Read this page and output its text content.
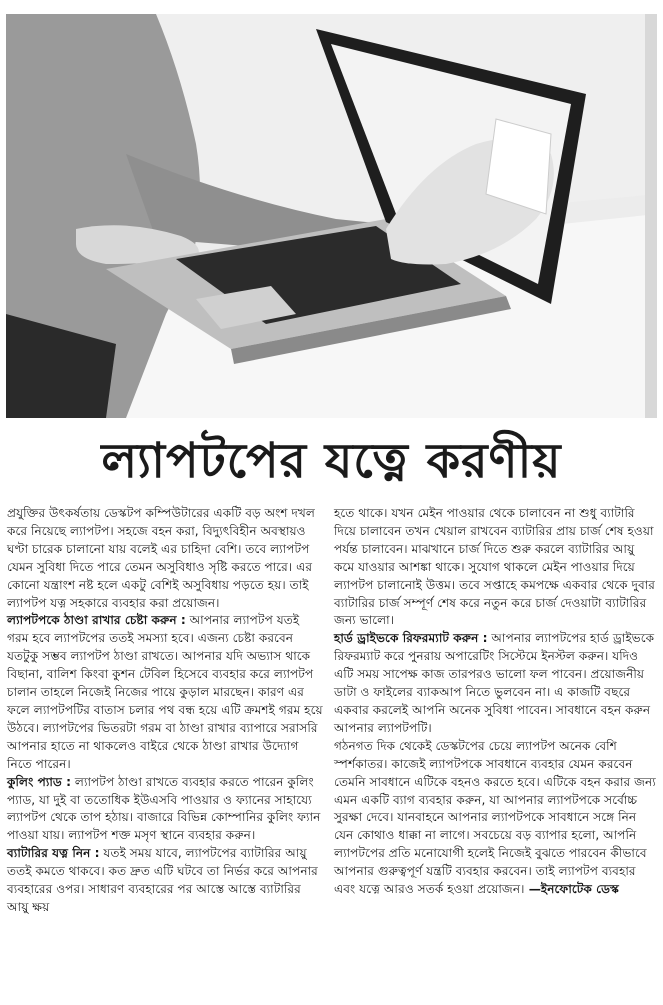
ল্যাপটপের যত্নে করণীয়

প্রযুক্তির উৎকর্ষতায় ডেস্কটপ কম্পিউটারের একটি বড় অংশ দখল করে নিয়েছে ল্যাপটপ। সহজে বহন করা, বিদ্যুৎবিহীন অবস্থায়ও ঘণ্টা চারেক চালানো যায় বলেই এর চাহিদা বেশি। তবে ল্যাপটপ যেমন সুবিধা দিতে পারে তেমন অসুবিধাও সৃষ্টি করতে পারে। এর কোনো যন্ত্রাংশ নষ্ট হলে একটু বেশিই অসুবিধায় পড়তে হয়। তাই ল্যাপটপ যত্ন সহকারে ব্যবহার করা প্রয়োজন।

ল্যাপটপকে ঠাণ্ডা রাখার চেষ্টা করুন : আপনার ল্যাপটপ যতই গরম হবে ল্যাপটপের ততই সমস্যা হবে। এজন্য চেষ্টা করবেন যতটুকু সম্ভব ল্যাপটপ ঠাণ্ডা রাখতে। আপনার যদি অভ্যাস থাকে বিছানা, বালিশ কিংবা কুশন টেবিল হিসেবে ব্যবহার করে ল্যাপটপ চালান তাহলে নিজেই নিজের পায়ে কুড়াল মারছেন। কারণ এর ফলে ল্যাপটপটির বাতাস চলার পথ বন্ধ হয়ে এটি ক্রমশই গরম হয়ে উঠবে। ল্যাপটপের ভিতরটা গরম বা ঠাণ্ডা রাখার ব্যাপারে সরাসরি আপনার হাতে না থাকলেও বাইরে থেকে ঠাণ্ডা রাখার উদ্যোগ নিতে পারেন।

কুলিং প্যাড : ল্যাপটপ ঠাণ্ডা রাখতে ব্যবহার করতে পারেন কুলিং প্যাড, যা দুই বা ততোধিক ইউএসবি পাওয়ার ও ফ্যানের সাহায্যে ল্যাপটপ থেকে তাপ হঠায়। বাজারে বিভিন্ন কোম্পানির কুলিং ফ্যান পাওয়া যায়। ল্যাপটপ শক্ত মসৃণ স্থানে ব্যবহার করুন।

ব্যাটারির যত্ন নিন : যতই সময় যাবে, ল্যাপটপের ব্যাটারির আয়ু ততই কমতে থাকবে। কত দ্রুত এটি ঘটবে তা নির্ভর করে আপনার ব্যবহারের ওপর। সাধারণ ব্যবহারের পর আস্তে আস্তে ব্যাটারির আয়ু ক্ষয়

হতে থাকে। যখন মেইন পাওয়ার থেকে চালাবেন না শুধু ব্যাটারি দিয়ে চালাবেন তখন খেয়াল রাখবেন ব্যাটারির প্রায় চার্জ শেষ হওয়া পর্যন্ত চালাবেন। মাঝখানে চার্জ দিতে শুরু করলে ব্যাটারির আয়ু কমে যাওয়ার আশঙ্কা থাকে। সুযোগ থাকলে মেইন পাওয়ার দিয়ে ল্যাপটপ চালানোই উত্তম। তবে সপ্তাহে কমপক্ষে একবার থেকে দুবার ব্যাটারির চার্জ সম্পূর্ণ শেষ করে নতুন করে চার্জ দেওয়াটা ব্যাটারির জন্য ভালো।

হার্ড ড্রাইভকে রিফরম্যাট করুন : আপনার ল্যাপটপের হার্ড ড্রাইভকে রিফরম্যাট করে পুনরায় অপারেটিং সিস্টেমে ইনস্টল করুন। যদিও এটি সময় সাপেক্ষ কাজ তারপরও ভালো ফল পাবেন। প্রয়োজনীয় ডাটা ও ফাইলের ব্যাকআপ নিতে ভুলবেন না। এ কাজটি বছরে একবার করলেই আপনি অনেক সুবিধা পাবেন। সাবধানে বহন করুন আপনার ল্যাপটপটি।

গঠনগত দিক থেকেই ডেস্কটপের চেয়ে ল্যাপটপ অনেক বেশি স্পর্শকাতর। কাজেই ল্যাপটপকে সাবধানে ব্যবহার যেমন করবেন তেমনি সাবধানে এটিকে বহনও করতে হবে। এটিকে বহন করার জন্য এমন একটি ব্যাগ ব্যবহার করুন, যা আপনার ল্যাপটপকে সর্বোচ্চ সুরক্ষা দেবে। যানবাহনে আপনার ল্যাপটপকে সাবধানে সঙ্গে নিন যেন কোথাও ধাক্কা না লাগে। সবচেয়ে বড় ব্যাপার হলো, আপনি ল্যাপটপের প্রতি মনোযোগী হলেই নিজেই বুঝতে পারবেন কীভাবে আপনার গুরুত্বপূর্ণ যন্ত্রটি ব্যবহার করবেন। তাই ল্যাপটপ ব্যবহার এবং যত্নে আরও সতর্ক হওয়া প্রয়োজন। —ইনফোটেক ডেস্ক
